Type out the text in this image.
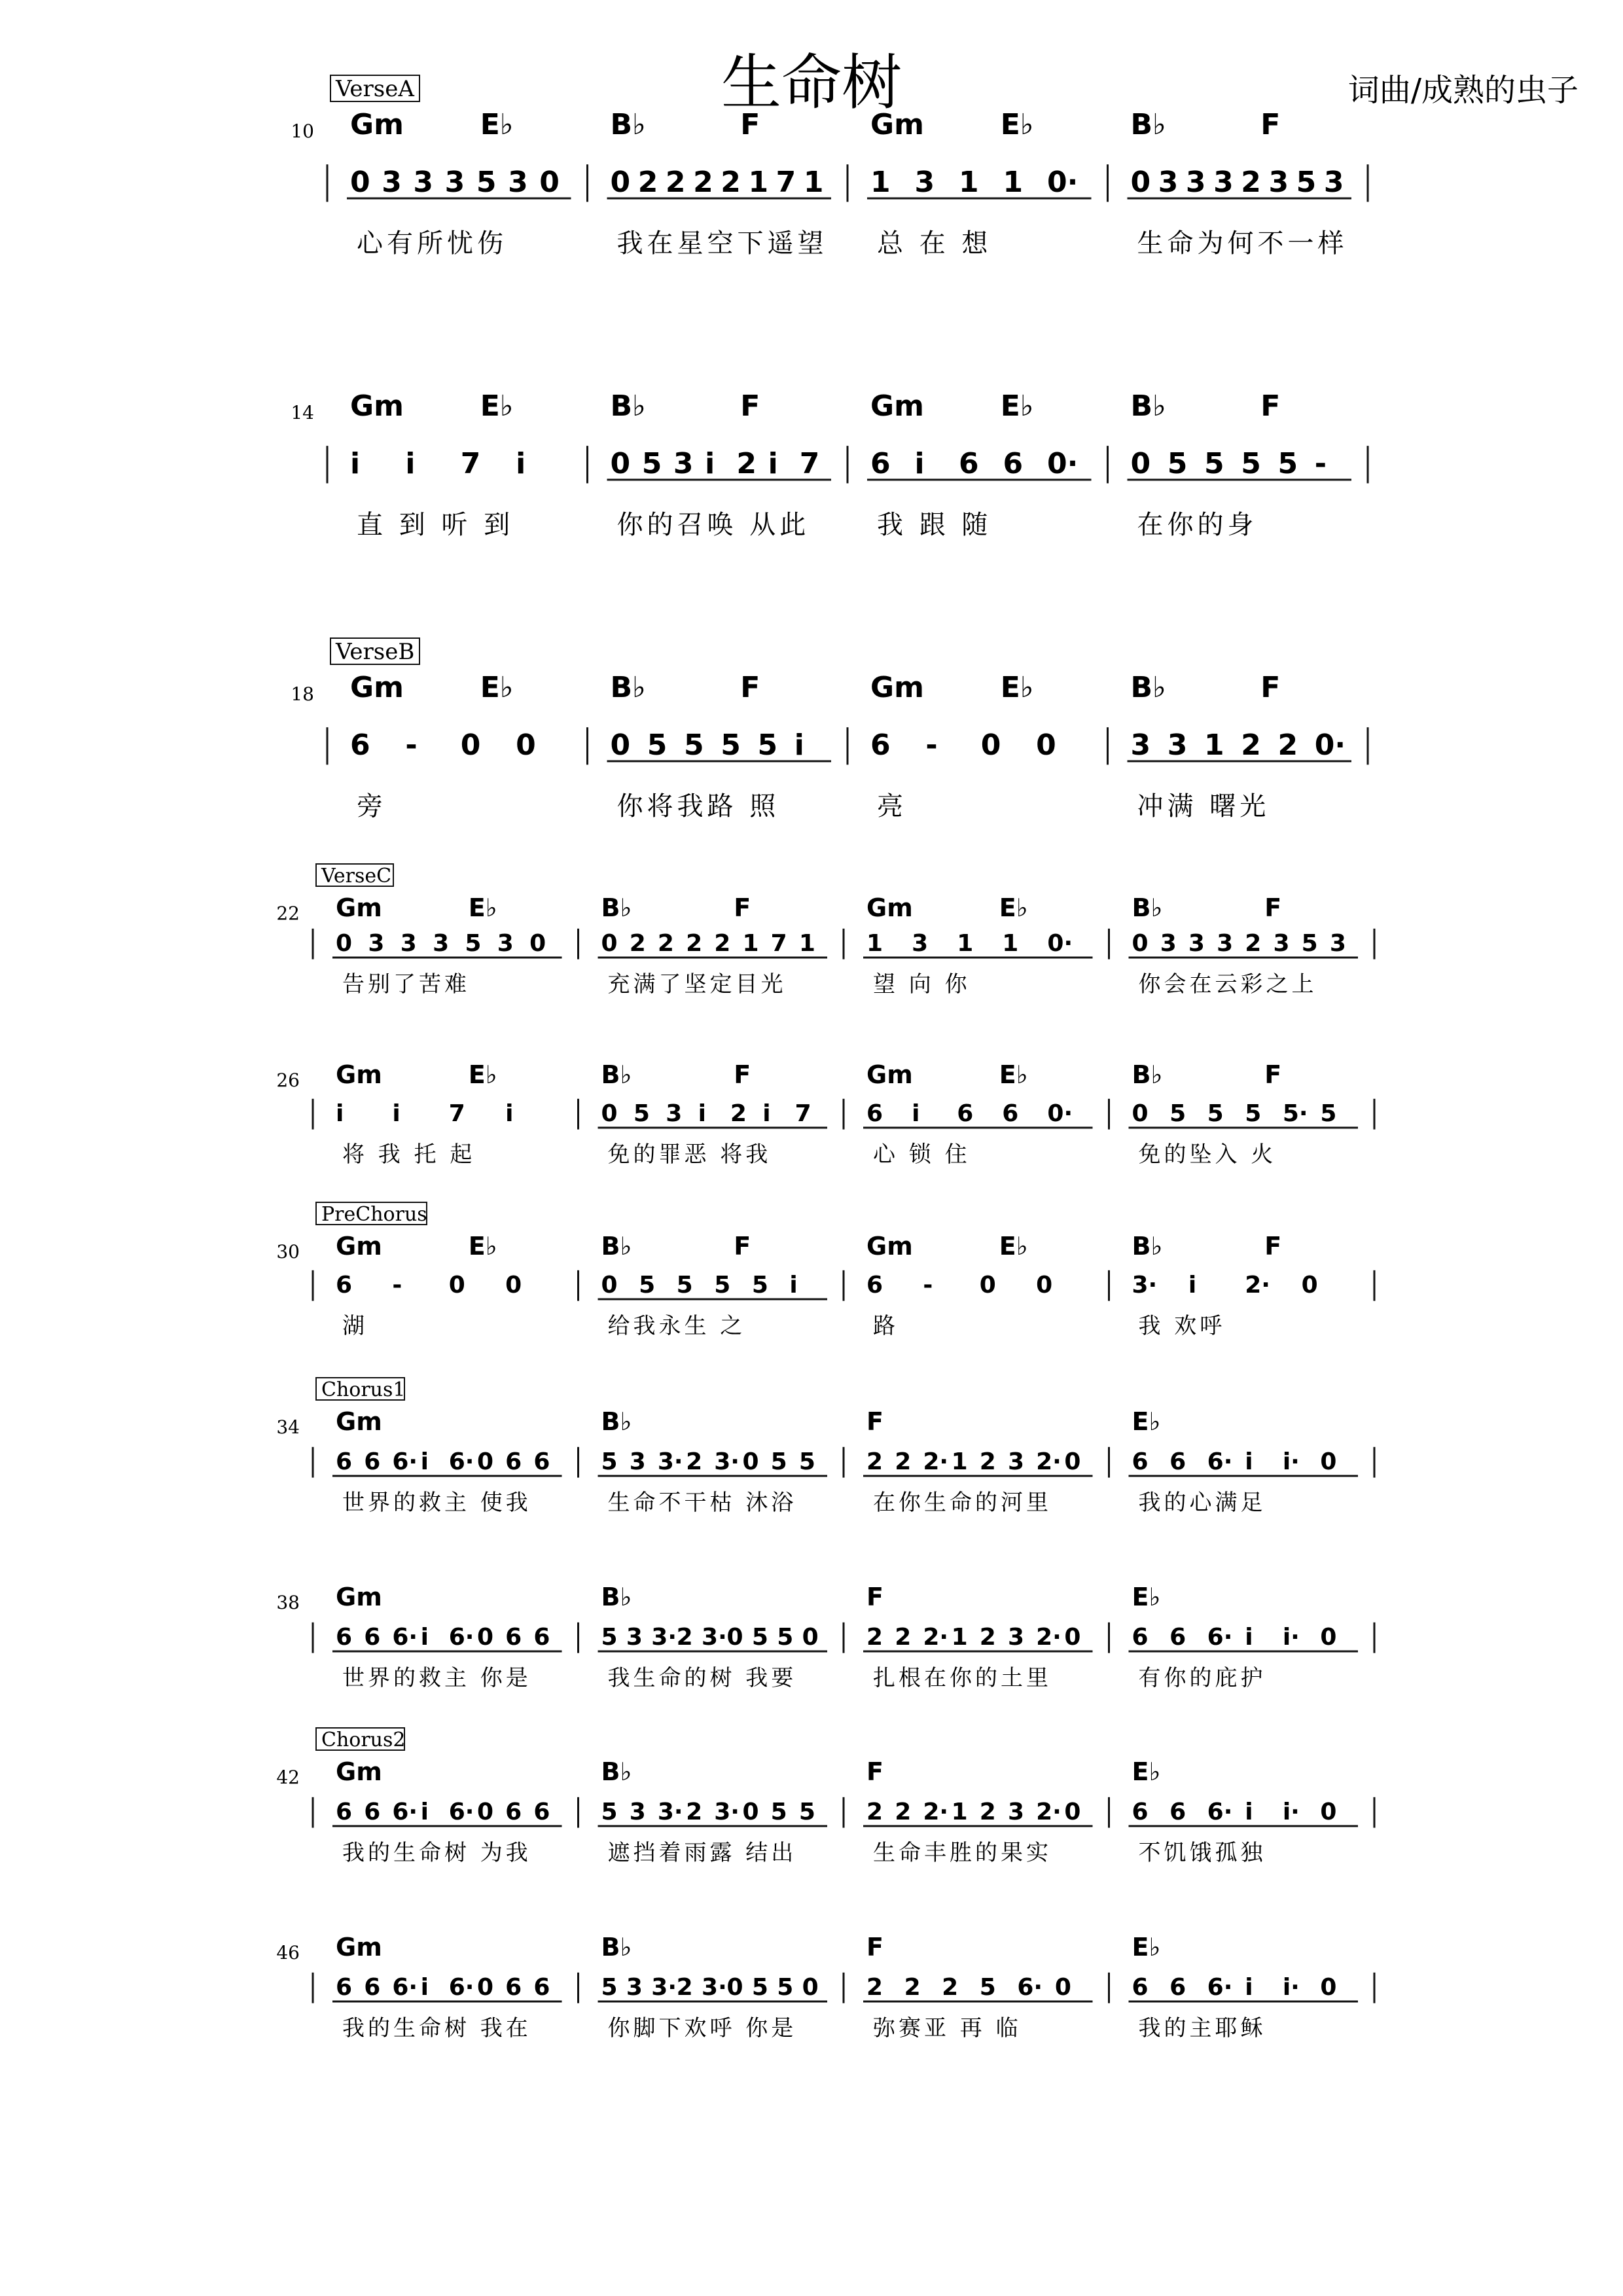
生命树	词曲/成熟的虫子
VerseA
10 Gm	E♭
0 3 3 3 5 3 0
心有所忧伤
B♭	F
0 2 2 2 2 1 7 1
我在星空下遥望
Gm	E♭
1 3 1 1 0·
总 在 想
B♭	F
0 3 3 3 2 3 5 3
生命为何不一样
14 Gm	E♭
i i 7 i
直 到 听 到
B♭	F
0 5 3 i 2 i 7
你的召唤 从此
Gm	E♭
6 i 6 6 0·
我 跟 随
B♭	F
0 5 5 5 5 -
在你的身
VerseB
18 Gm	E♭
6 - 0 0
旁
B♭	F
0 5 5 5 5 i
你将我路 照
Gm	E♭
6 - 0 0
亮
B♭	F
3 3 1 2 2 0·
冲满 曙光
VerseC
22 Gm	E♭
0 3 3 3 5 3 0
告别了苦难
B♭	F
0 2 2 2 2 1 7 1
充满了坚定目光
Gm	E♭
1 3 1 1 0·
望 向 你
B♭	F
0 3 3 3 2 3 5 3
你会在云彩之上
26 Gm	E♭
i i 7 i
将 我 托 起
B♭	F
0 5 3 i 2 i 7
免的罪恶 将我
Gm	E♭
6 i 6 6 0·
心 锁 住
B♭	F
0 5 5 5 5· 5
免的坠入 火
PreChorus
30 Gm	E♭
6 - 0 0
湖
B♭	F
0 5 5 5 5 i
给我永生 之
Gm	E♭
6 - 0 0
路
B♭	F
3· i 2· 0
我 欢呼
Chorus1
34 Gm
6 6 6· i 6· 0 6 6
世界的救主 使我
B♭
5 3 3· 2 3· 0 5 5
生命不干枯 沐浴
F
2 2 2· 1 2 3 2· 0
在你生命的河里
E♭
6 6 6· i i· 0
我的心满足
38 Gm
6 6 6· i 6· 0 6 6
世界的救主 你是
B♭
5 3 3· 2 3· 0 5 5 0
我生命的树 我要
F
2 2 2· 1 2 3 2· 0
扎根在你的土里
E♭
6 6 6· i i· 0
有你的庇护
Chorus2
42 Gm
6 6 6· i 6· 0 6 6
我的生命树 为我
B♭
5 3 3· 2 3· 0 5 5
遮挡着雨露 结出
F
2 2 2· 1 2 3 2· 0
生命丰胜的果实
E♭
6 6 6· i i· 0
不饥饿孤独
46 Gm
6 6 6· i 6· 0 6 6
我的生命树 我在
B♭
5 3 3· 2 3· 0 5 5 0
你脚下欢呼 你是
F
2 2 2 5 6· 0
弥赛亚 再 临
E♭
6 6 6· i i· 0
我的主耶稣
